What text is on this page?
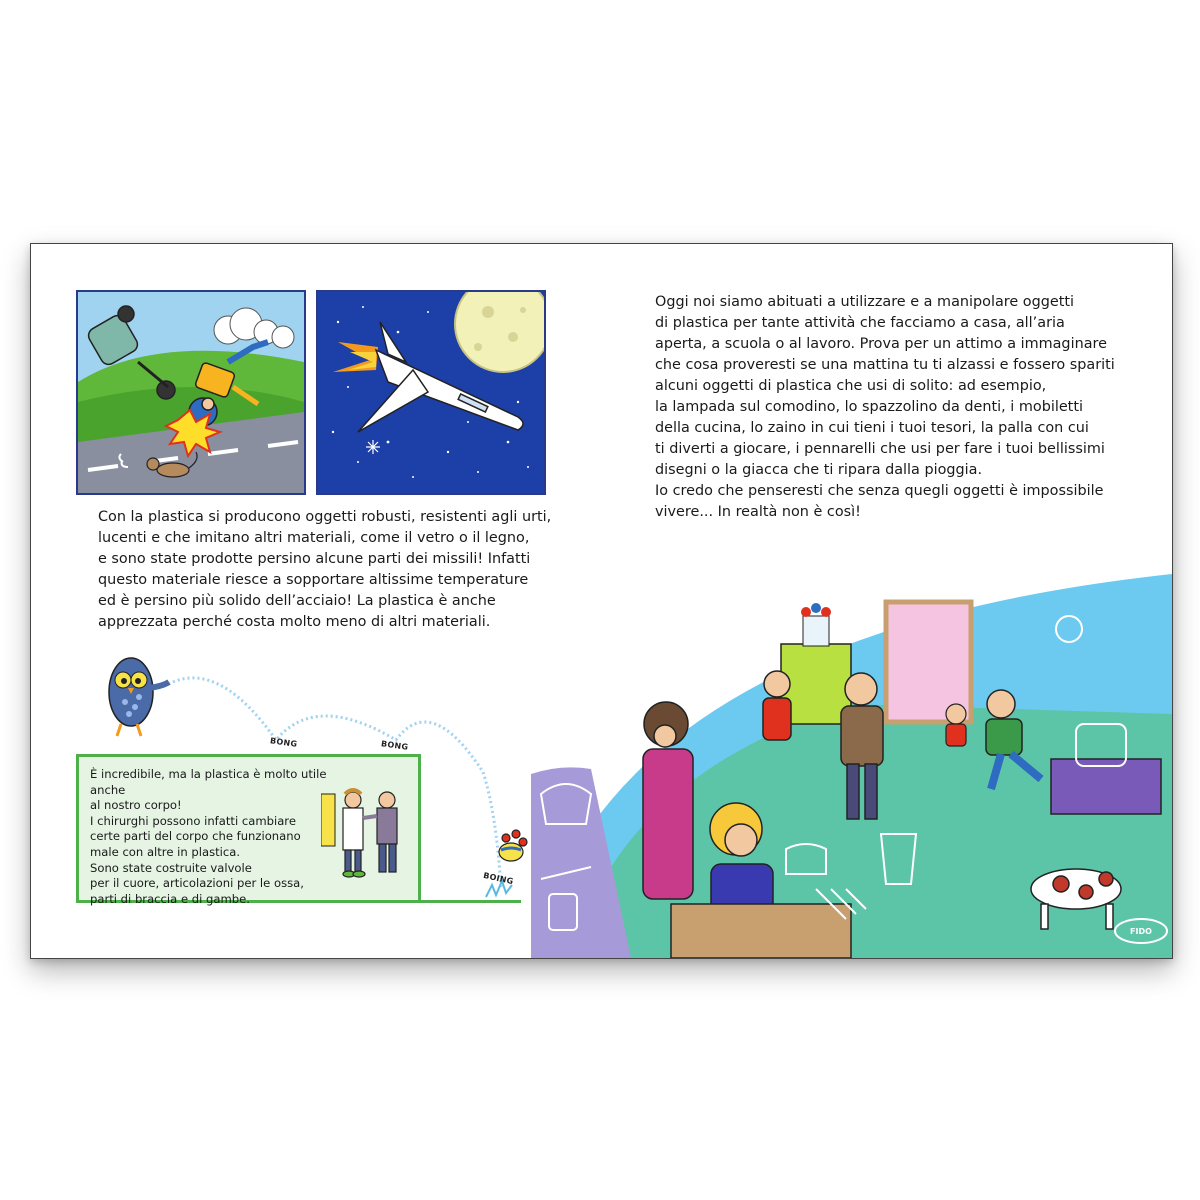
Con la plastica si producono oggetti robusti, resistenti agli urti,

lucenti e che imitano altri materiali, come il vetro o il legno,

e sono state prodotte persino alcune parti dei missili! Infatti

questo materiale riesce a sopportare altissime temperature

ed è persino più solido dell’acciaio! La plastica è anche

apprezzata perché costa molto meno di altri materiali.

BONG	BONG
BOING

È incredibile, ma la plastica è molto utile anche

al nostro corpo!

I chirurghi possono infatti cambiare

certe parti del corpo che funzionano

male con altre in plastica.

Sono state costruite valvole

per il cuore, articolazioni per le ossa,

parti di braccia e di gambe.

Oggi noi siamo abituati a utilizzare e a manipolare oggetti

di plastica per tante attività che facciamo a casa, all’aria

aperta, a scuola o al lavoro. Prova per un attimo a immaginare

che cosa proveresti se una mattina tu ti alzassi e fossero spariti

alcuni oggetti di plastica che usi di solito: ad esempio,

la lampada sul comodino, lo spazzolino da denti, i mobiletti

della cucina, lo zaino in cui tieni i tuoi tesori, la palla con cui

ti diverti a giocare, i pennarelli che usi per fare i tuoi bellissimi

disegni o la giacca che ti ripara dalla pioggia.

Io credo che penseresti che senza quegli oggetti è impossibile

vivere... In realtà non è così!

FIDO
